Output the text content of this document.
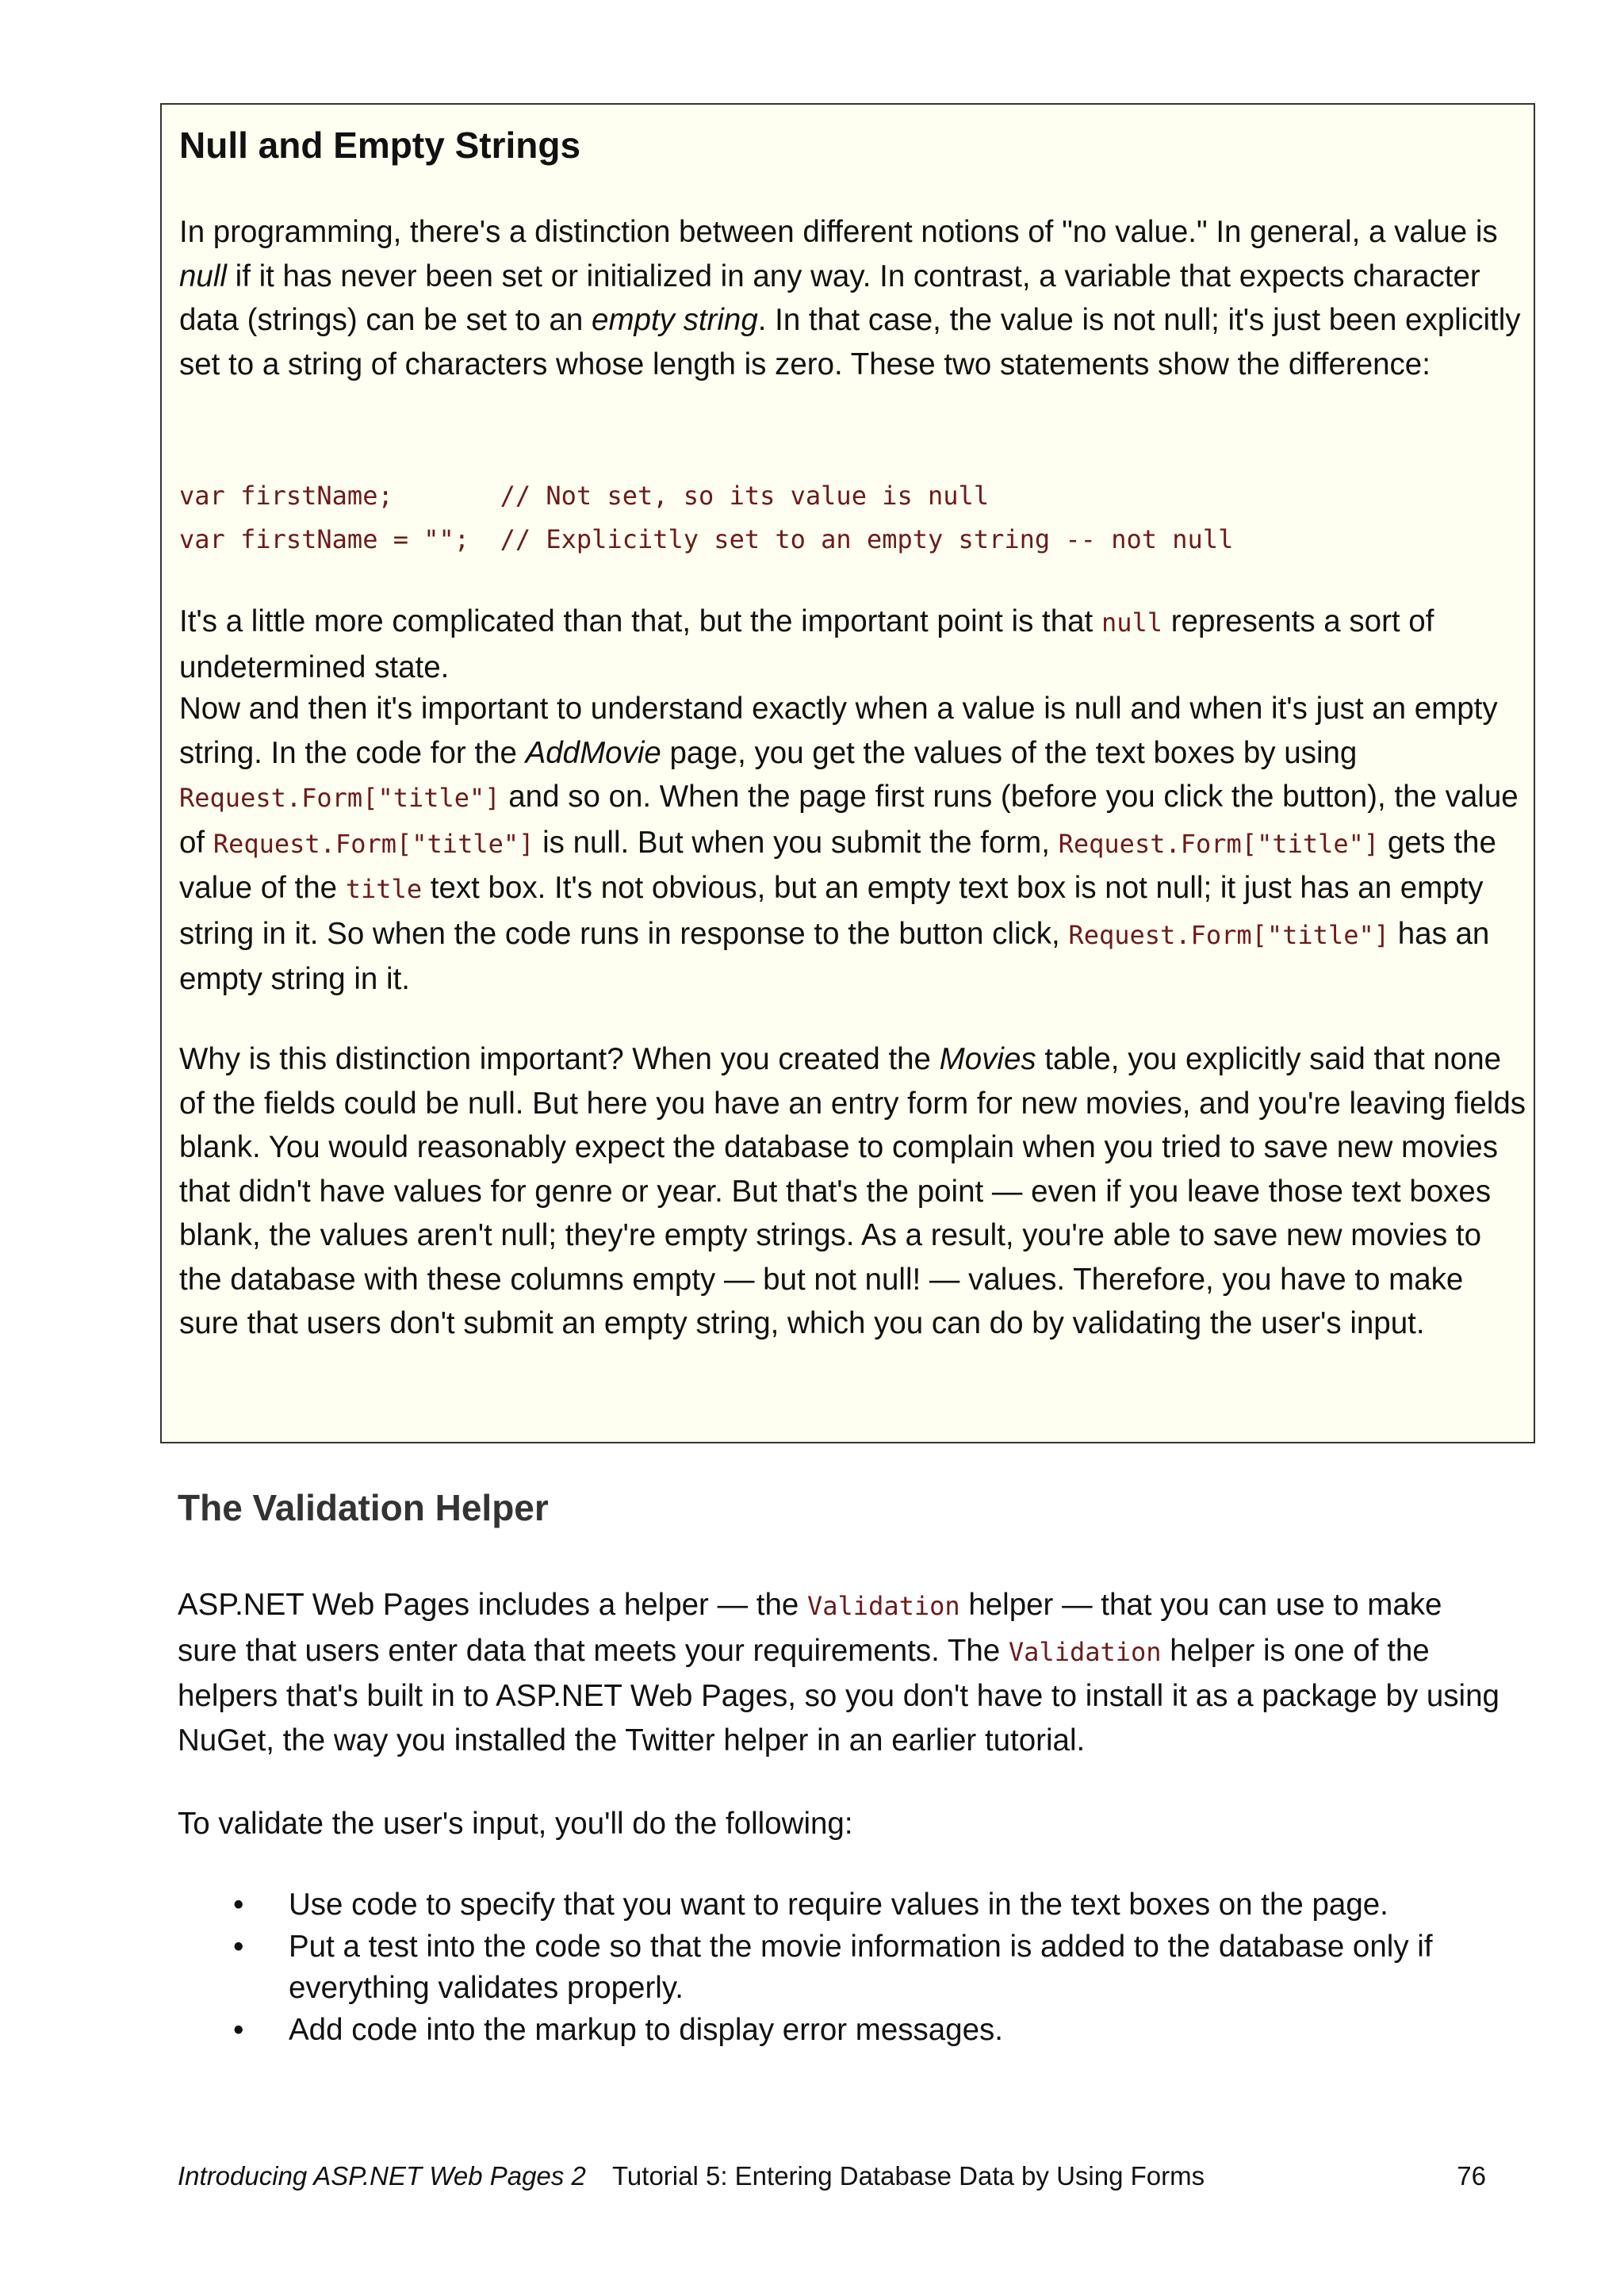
Null and Empty Strings

In programming, there's a distinction between different notions of "no value." In general, a value is null if it has never been set or initialized in any way. In contrast, a variable that expects character data (strings) can be set to an empty string. In that case, the value is not null; it's just been explicitly set to a string of characters whose length is zero. These two statements show the difference:

var firstName;       // Not set, so its value is null
var firstName = "";  // Explicitly set to an empty string -- not null

It's a little more complicated than that, but the important point is that null represents a sort of undetermined state.

Now and then it's important to understand exactly when a value is null and when it's just an empty string. In the code for the AddMovie page, you get the values of the text boxes by using Request.Form["title"] and so on. When the page first runs (before you click the button), the value of Request.Form["title"] is null. But when you submit the form, Request.Form["title"] gets the value of the title text box. It's not obvious, but an empty text box is not null; it just has an empty string in it. So when the code runs in response to the button click, Request.Form["title"] has an empty string in it.

Why is this distinction important? When you created the Movies table, you explicitly said that none of the fields could be null. But here you have an entry form for new movies, and you're leaving fields blank. You would reasonably expect the database to complain when you tried to save new movies that didn't have values for genre or year. But that's the point — even if you leave those text boxes blank, the values aren't null; they're empty strings. As a result, you're able to save new movies to the database with these columns empty — but not null! — values. Therefore, you have to make sure that users don't submit an empty string, which you can do by validating the user's input.

The Validation Helper

ASP.NET Web Pages includes a helper — the Validation helper — that you can use to make sure that users enter data that meets your requirements. The Validation helper is one of the helpers that's built in to ASP.NET Web Pages, so you don't have to install it as a package by using NuGet, the way you installed the Twitter helper in an earlier tutorial.

To validate the user's input, you'll do the following:

• Use code to specify that you want to require values in the text boxes on the page.
• Put a test into the code so that the movie information is added to the database only if everything validates properly.
• Add code into the markup to display error messages.
Introducing ASP.NET Web Pages 2 Tutorial 5: Entering Database Data by Using Forms	76
